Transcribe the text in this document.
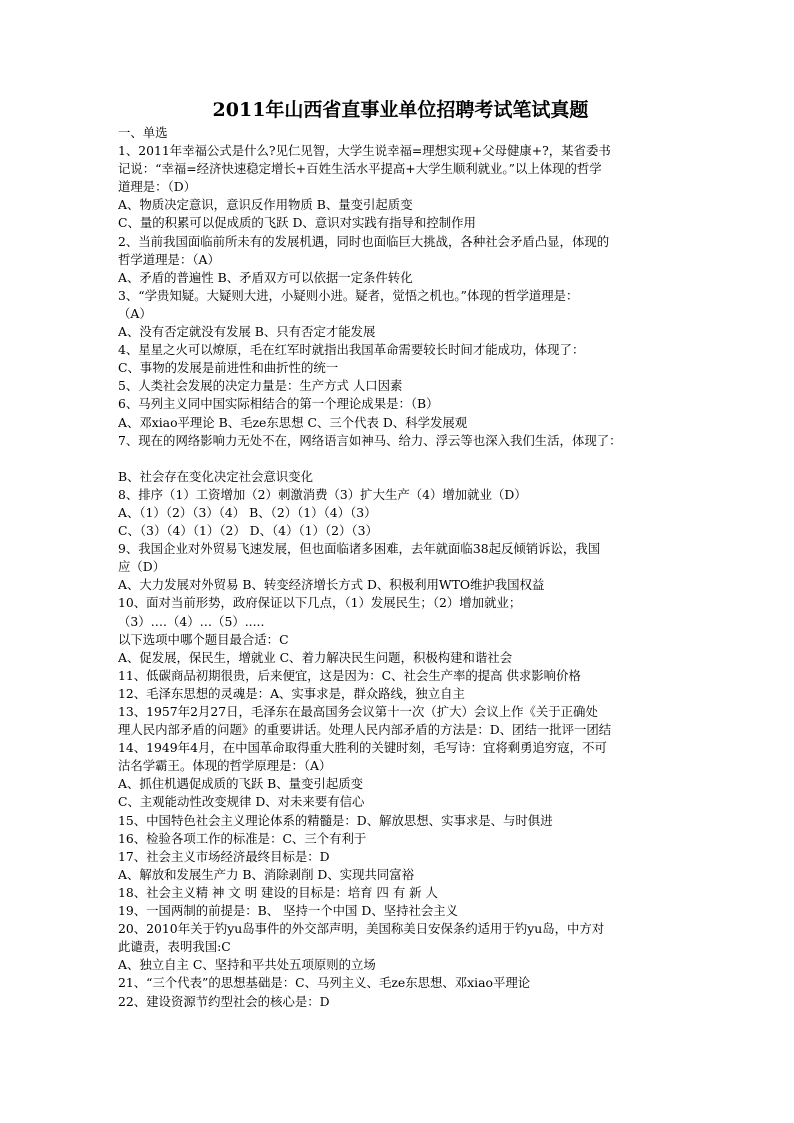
2011年山西省直事业单位招聘考试笔试真题
一、单选
1、2011年幸福公式是什么?见仁见智，大学生说幸福=理想实现+父母健康+?，某省委书
记说：“幸福=经济快速稳定增长+百姓生活水平提高+大学生顺利就业。”以上体现的哲学
道理是：（D）
A、物质决定意识，意识反作用物质 B、量变引起质变
C、量的积累可以促成质的飞跃 D、意识对实践有指导和控制作用
2、当前我国面临前所未有的发展机遇，同时也面临巨大挑战，各种社会矛盾凸显，体现的
哲学道理是：（A）
A、矛盾的普遍性 B、矛盾双方可以依据一定条件转化
3、“学贵知疑。大疑则大进，小疑则小进。疑者，觉悟之机也。”体现的哲学道理是：
（A）
A、没有否定就没有发展 B、只有否定才能发展
4、星星之火可以燎原，毛在红军时就指出我国革命需要较长时间才能成功，体现了：
C、事物的发展是前进性和曲折性的统一
5、人类社会发展的决定力量是：生产方式 人口因素
6、马列主义同中国实际相结合的第一个理论成果是：（B）
A、邓xiao平理论 B、毛ze东思想 C、三个代表 D、科学发展观
7、现在的网络影响力无处不在，网络语言如神马、给力、浮云等也深入我们生活，体现了：
B、社会存在变化决定社会意识变化
8、排序（1）工资增加（2）刺激消费（3）扩大生产（4）增加就业（D）
A、（1）（2）（3）（4） B、（2）（1）（4）（3）
C、（3）（4）（1）（2） D、（4）（1）（2）（3）
9、我国企业对外贸易飞速发展，但也面临诸多困难，去年就面临38起反倾销诉讼，我国
应（D）
A、大力发展对外贸易 B、转变经济增长方式 D、积极利用WTO维护我国权益
10、面对当前形势，政府保证以下几点，（1）发展民生；（2）增加就业；
（3）….（4）…（5）.....
以下选项中哪个题目最合适：C
A、促发展，保民生，增就业 C、着力解决民生问题，积极构建和谐社会
11、低碳商品初期很贵，后来便宜，这是因为：C、社会生产率的提高 供求影响价格
12、毛泽东思想的灵魂是：A、实事求是，群众路线，独立自主
13、1957年2月27日，毛泽东在最高国务会议第十一次（扩大）会议上作《关于正确处
理人民内部矛盾的问题》的重要讲话。处理人民内部矛盾的方法是：D、团结一批评一团结
14、1949年4月，在中国革命取得重大胜利的关键时刻，毛写诗：宜将剩勇追穷寇，不可
沽名学霸王。体现的哲学原理是：（A）
A、抓住机遇促成质的飞跃 B、量变引起质变
C、主观能动性改变规律 D、对未来要有信心
15、中国特色社会主义理论体系的精髓是：D、解放思想、实事求是、与时俱进
16、检验各项工作的标准是：C、三个有利于
17、社会主义市场经济最终目标是：D
A、解放和发展生产力 B、消除剥削 D、实现共同富裕
18、社会主义精 神 文 明 建设的目标是：培育 四 有 新 人
19、一国两制的前提是：B、 坚持一个中国 D、坚持社会主义
20、2010年关于钓yu岛事件的外交部声明，美国称美日安保条约适用于钓yu岛，中方对
此谴责，表明我国:C
A、独立自主 C、坚持和平共处五项原则的立场
21、“三个代表”的思想基础是：C、马列主义、毛ze东思想、邓xiao平理论
22、建设资源节约型社会的核心是：D
